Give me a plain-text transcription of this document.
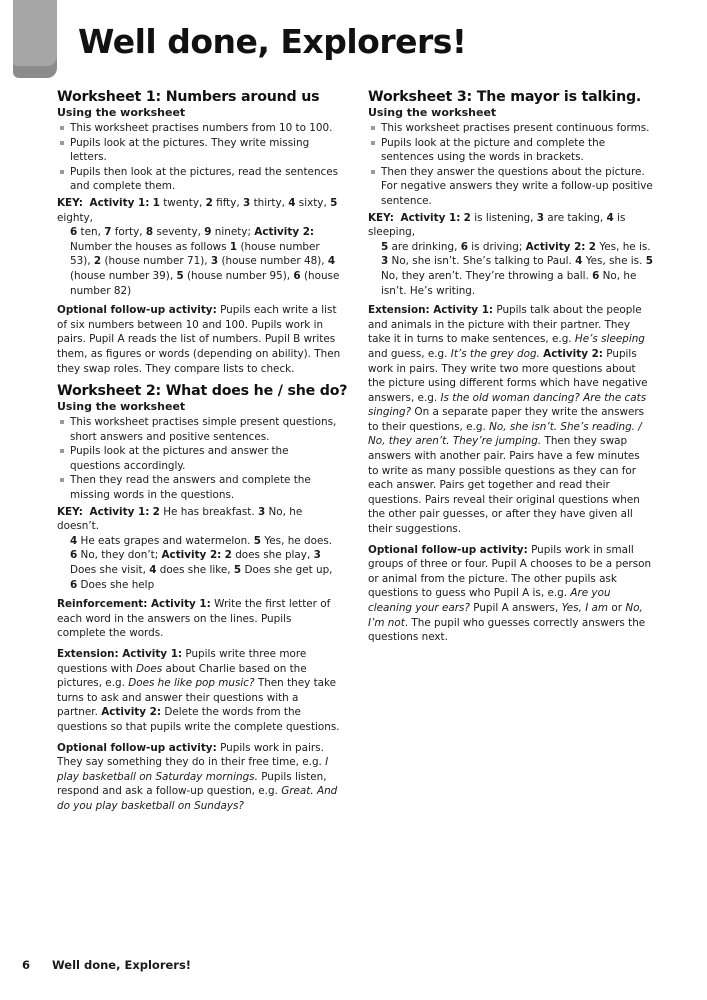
Well done, Explorers!
Worksheet 1: Numbers around us
Using the worksheet
This worksheet practises numbers from 10 to 100.
Pupils look at the pictures. They write missing letters.
Pupils then look at the pictures, read the sentences and complete them.

KEY: Activity 1: 1 twenty, 2 fifty, 3 thirty, 4 sixty, 5 eighty,
6 ten, 7 forty, 8 seventy, 9 ninety; Activity 2: Number the houses as follows 1 (house number 53), 2 (house number 71), 3 (house number 48), 4 (house number 39), 5 (house number 95), 6 (house number 82)

Optional follow-up activity: Pupils each write a list of six numbers between 10 and 100. Pupils work in pairs. Pupil A reads the list of numbers. Pupil B writes them, as figures or words (depending on ability). Then they swap roles. They compare lists to check.

Worksheet 2: What does he / she do?
Using the worksheet
This worksheet practises simple present questions, short answers and positive sentences.
Pupils look at the pictures and answer the questions accordingly.
Then they read the answers and complete the missing words in the questions.

KEY: Activity 1: 2 He has breakfast. 3 No, he doesn’t.
4 He eats grapes and watermelon. 5 Yes, he does. 6 No, they don’t; Activity 2: 2 does she play, 3 Does she visit, 4 does she like, 5 Does she get up, 6 Does she help

Reinforcement: Activity 1: Write the first letter of each word in the answers on the lines. Pupils complete the words.

Extension: Activity 1: Pupils write three more questions with Does about Charlie based on the pictures, e.g. Does he like pop music? Then they take turns to ask and answer their questions with a partner. Activity 2: Delete the words from the questions so that pupils write the complete questions.

Optional follow-up activity: Pupils work in pairs. They say something they do in their free time, e.g. I play basketball on Saturday mornings. Pupils listen, respond and ask a follow-up question, e.g. Great. And do you play basketball on Sundays?

Worksheet 3: The mayor is talking.
Using the worksheet
This worksheet practises present continuous forms.
Pupils look at the picture and complete the sentences using the words in brackets.
Then they answer the questions about the picture. For negative answers they write a follow-up positive sentence.

KEY: Activity 1: 2 is listening, 3 are taking, 4 is sleeping,
5 are drinking, 6 is driving; Activity 2: 2 Yes, he is. 3 No, she isn’t. She’s talking to Paul. 4 Yes, she is. 5 No, they aren’t. They’re throwing a ball. 6 No, he isn’t. He’s writing.

Extension: Activity 1: Pupils talk about the people and animals in the picture with their partner. They take it in turns to make sentences, e.g. He’s sleeping and guess, e.g. It’s the grey dog. Activity 2: Pupils work in pairs. They write two more questions about the picture using different forms which have negative answers, e.g. Is the old woman dancing? Are the cats singing? On a separate paper they write the answers to their questions, e.g. No, she isn’t. She’s reading. / No, they aren’t. They’re jumping. Then they swap answers with another pair. Pairs have a few minutes to write as many possible questions as they can for each answer. Pairs get together and read their questions. Pairs reveal their original questions when the other pair guesses, or after they have given all their suggestions.

Optional follow-up activity: Pupils work in small groups of three or four. Pupil A chooses to be a person or animal from the picture. The other pupils ask questions to guess who Pupil A is, e.g. Are you cleaning your ears? Pupil A answers, Yes, I am or No, I’m not. The pupil who guesses correctly answers the questions next.

6 Well done, Explorers!
